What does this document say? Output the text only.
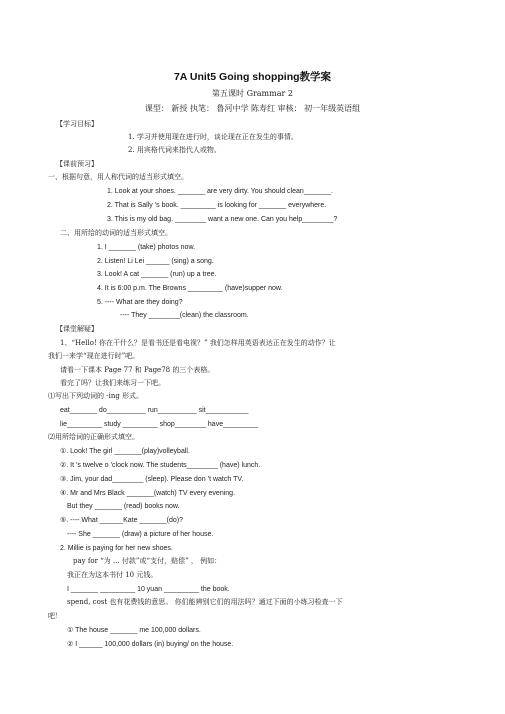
7A Unit5 Going shopping教学案
第五课时 Grammar 2
课型： 新授 执笔： 鲁河中学 陈寿红 审核： 初一年级英语组
【学习目标】
1. 学习并使用现在进行时，谈论现在正在发生的事情。
2. 用宾格代词来指代人或物。
【课前预习】
一、根据句意，用人称代词的适当形式填空。
1. Look at your shoes. _______ are very dirty. You should clean_______.
2. That is Sally ’s book. _________ is looking for _______ everywhere.
3. This is my old bag. ________ want a new one. Can you help________?
二、用所给的动词的适当形式填空。
1. I _______ (take) photos now.
2. Listen! Li Lei ______ (sing) a song.
3. Look! A cat _______ (run) up a tree.
4. It is 6:00 p.m. The Browns _________ (have)supper now.
5. ---- What are they doing?
---- They ________(clean) the classroom.
【课堂解疑】
1、“Hello! 你在干什么？是看书还是看电视？” 我们怎样用英语表达正在发生的动作？让
我们一来学“现在进行时”吧。
请看一下课本 Page 77 和 Page78 的三个表格。
看完了吗？让我们来练习一下吧。
⑴写出下列动词的 -ing 形式。
eat_______ do__________ run__________ sit___________
lie_________ study _________ shop________ have_________
⑵用所给词的正确形式填空。
①. Look! The girl _______(play)volleyball.
②. It ’s twelve o ’clock now. The students________ (have) lunch.
③. Jim, your dad________ (sleep). Please don ’t watch TV.
④. Mr and Mrs Black _______(watch) TV every evening.
But they _______ (read) books now.
⑤. ---- What ______Kate _______(do)?
---- She _______ (draw) a picture of her house.
2. Millie is paying for her new shoes.
pay for “为 ... 付款”或“支付，赔偿” ， 例如：
我正在为这本书付 10 元钱。
I _______ _________ 10 yuan _________ the book.
spend, cost 也有花费钱的意思。 你们能辨别它们的用法吗？通过下面的小练习检查一下
吧！
① The house _______ me 100,000 dollars.
② I ______ 100,000 dollars (in) buying/ on the house.
